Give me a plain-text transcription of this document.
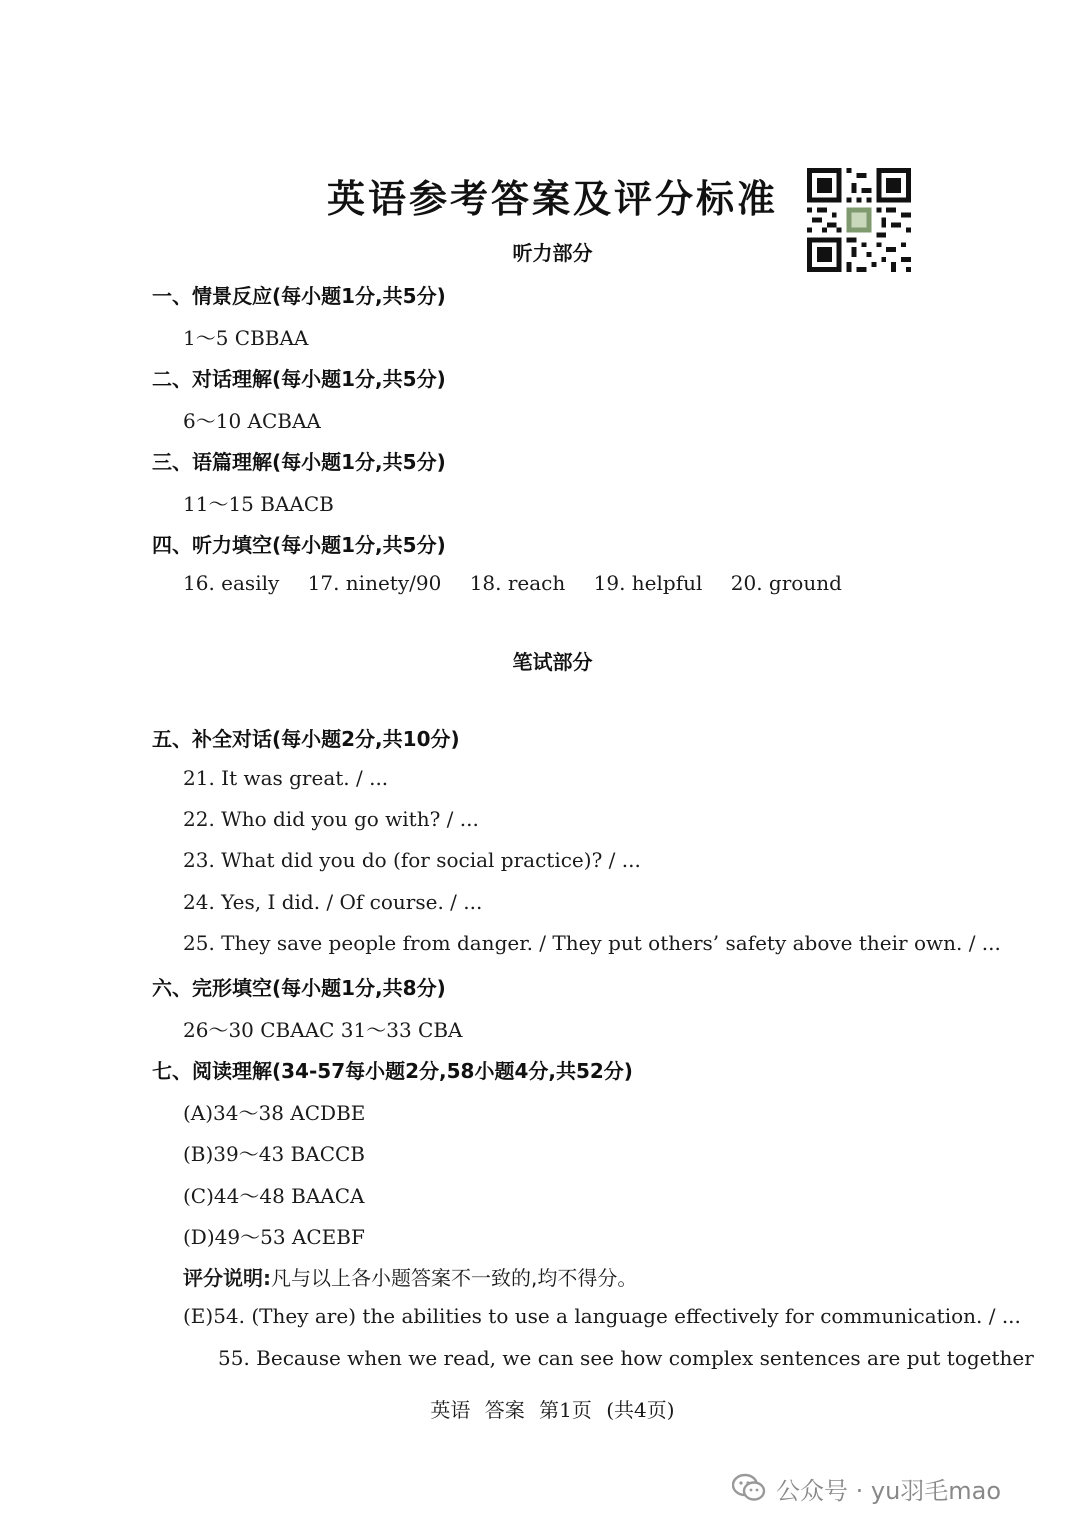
英语参考答案及评分标准
听力部分
一、情景反应(每小题1分,共5分)
1～5 CBBAA
二、对话理解(每小题1分,共5分)
6～10 ACBAA
三、语篇理解(每小题1分,共5分)
11～15 BAACB
四、听力填空(每小题1分,共5分)
16. easily 17. ninety/90 18. reach 19. helpful 20. ground
笔试部分
五、补全对话(每小题2分,共10分)
21. It was great. / ...
22. Who did you go with? / ...
23. What did you do (for social practice)? / ...
24. Yes, I did. / Of course. / ...
25. They save people from danger. / They put others’ safety above their own. / ...
六、完形填空(每小题1分,共8分)
26～30 CBAAC 31～33 CBA
七、阅读理解(34-57每小题2分,58小题4分,共52分)
(A)34～38 ACDBE
(B)39～43 BACCB
(C)44～48 BAACA
(D)49～53 ACEBF
评分说明:凡与以上各小题答案不一致的,均不得分。
(E)54. (They are) the abilities to use a language effectively for communication. / ...
55. Because when we read, we can see how complex sentences are put together
英语 答案 第1页 (共4页)
公众号 · yu羽毛mao
